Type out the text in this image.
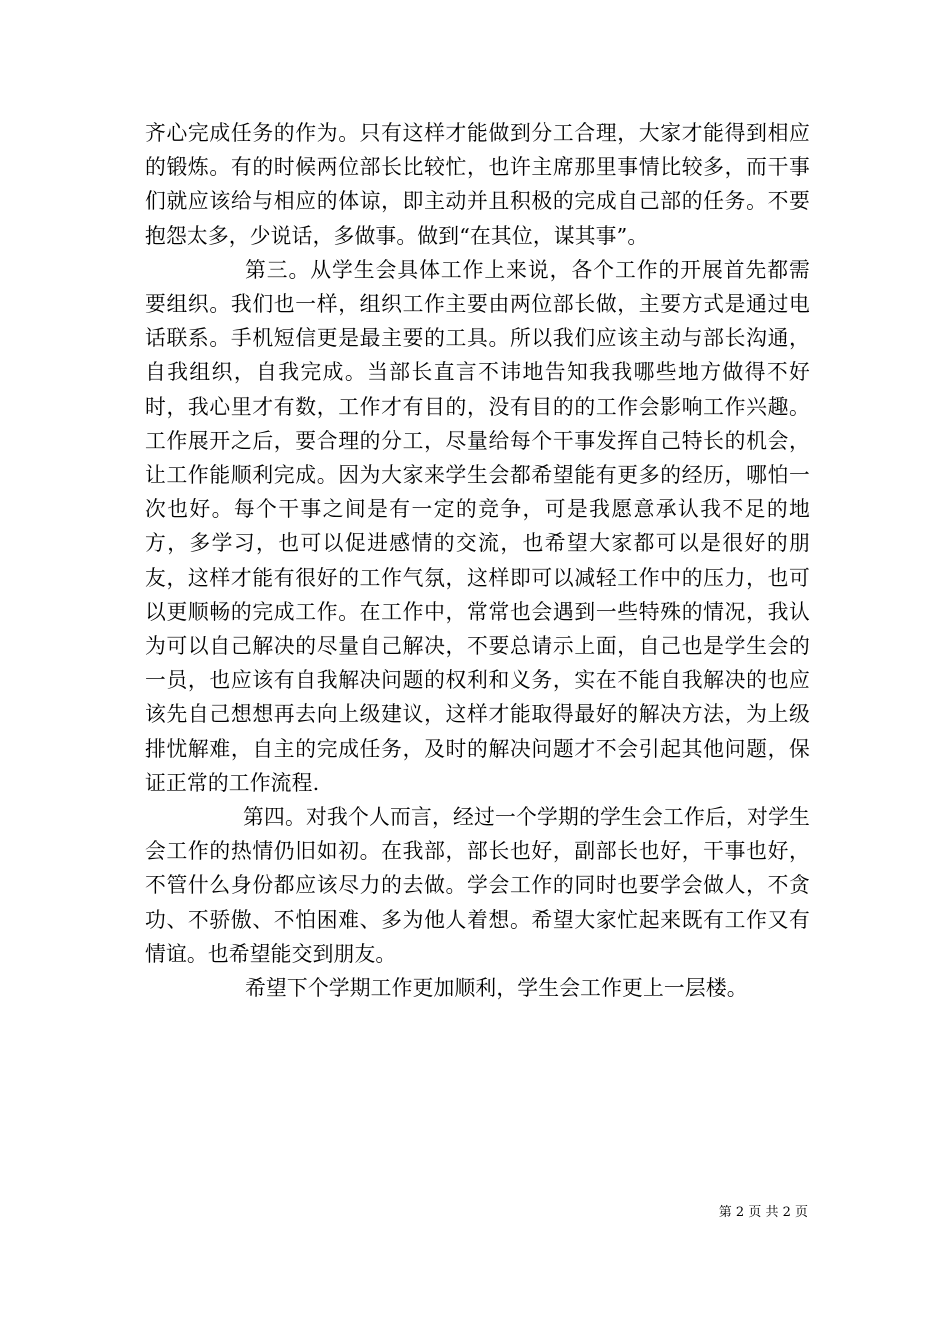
齐心完成任务的作为。只有这样才能做到分工合理，大家才能得到相应的锻炼。有的时候两位部长比较忙，也许主席那里事情比较多，而干事们就应该给与相应的体谅，即主动并且积极的完成自己部的任务。不要抱怨太多，少说话，多做事。做到“在其位，谋其事”。

第三。从学生会具体工作上来说，各个工作的开展首先都需要组织。我们也一样，组织工作主要由两位部长做，主要方式是通过电话联系。手机短信更是最主要的工具。所以我们应该主动与部长沟通，自我组织，自我完成。当部长直言不讳地告知我我哪些地方做得不好时，我心里才有数，工作才有目的，没有目的的工作会影响工作兴趣。工作展开之后，要合理的分工，尽量给每个干事发挥自己特长的机会，让工作能顺利完成。因为大家来学生会都希望能有更多的经历，哪怕一次也好。每个干事之间是有一定的竞争，可是我愿意承认我不足的地方，多学习，也可以促进感情的交流，也希望大家都可以是很好的朋友，这样才能有很好的工作气氛，这样即可以减轻工作中的压力，也可以更顺畅的完成工作。在工作中，常常也会遇到一些特殊的情况，我认为可以自己解决的尽量自己解决，不要总请示上面，自己也是学生会的一员，也应该有自我解决问题的权利和义务，实在不能自我解决的也应该先自己想想再去向上级建议，这样才能取得最好的解决方法，为上级排忧解难，自主的完成任务，及时的解决问题才不会引起其他问题，保证正常的工作流程.

第四。对我个人而言，经过一个学期的学生会工作后，对学生会工作的热情仍旧如初。在我部，部长也好，副部长也好，干事也好，不管什么身份都应该尽力的去做。学会工作的同时也要学会做人，不贪功、不骄傲、不怕困难、多为他人着想。希望大家忙起来既有工作又有情谊。也希望能交到朋友。

希望下个学期工作更加顺利，学生会工作更上一层楼。

第 2 页 共 2 页
